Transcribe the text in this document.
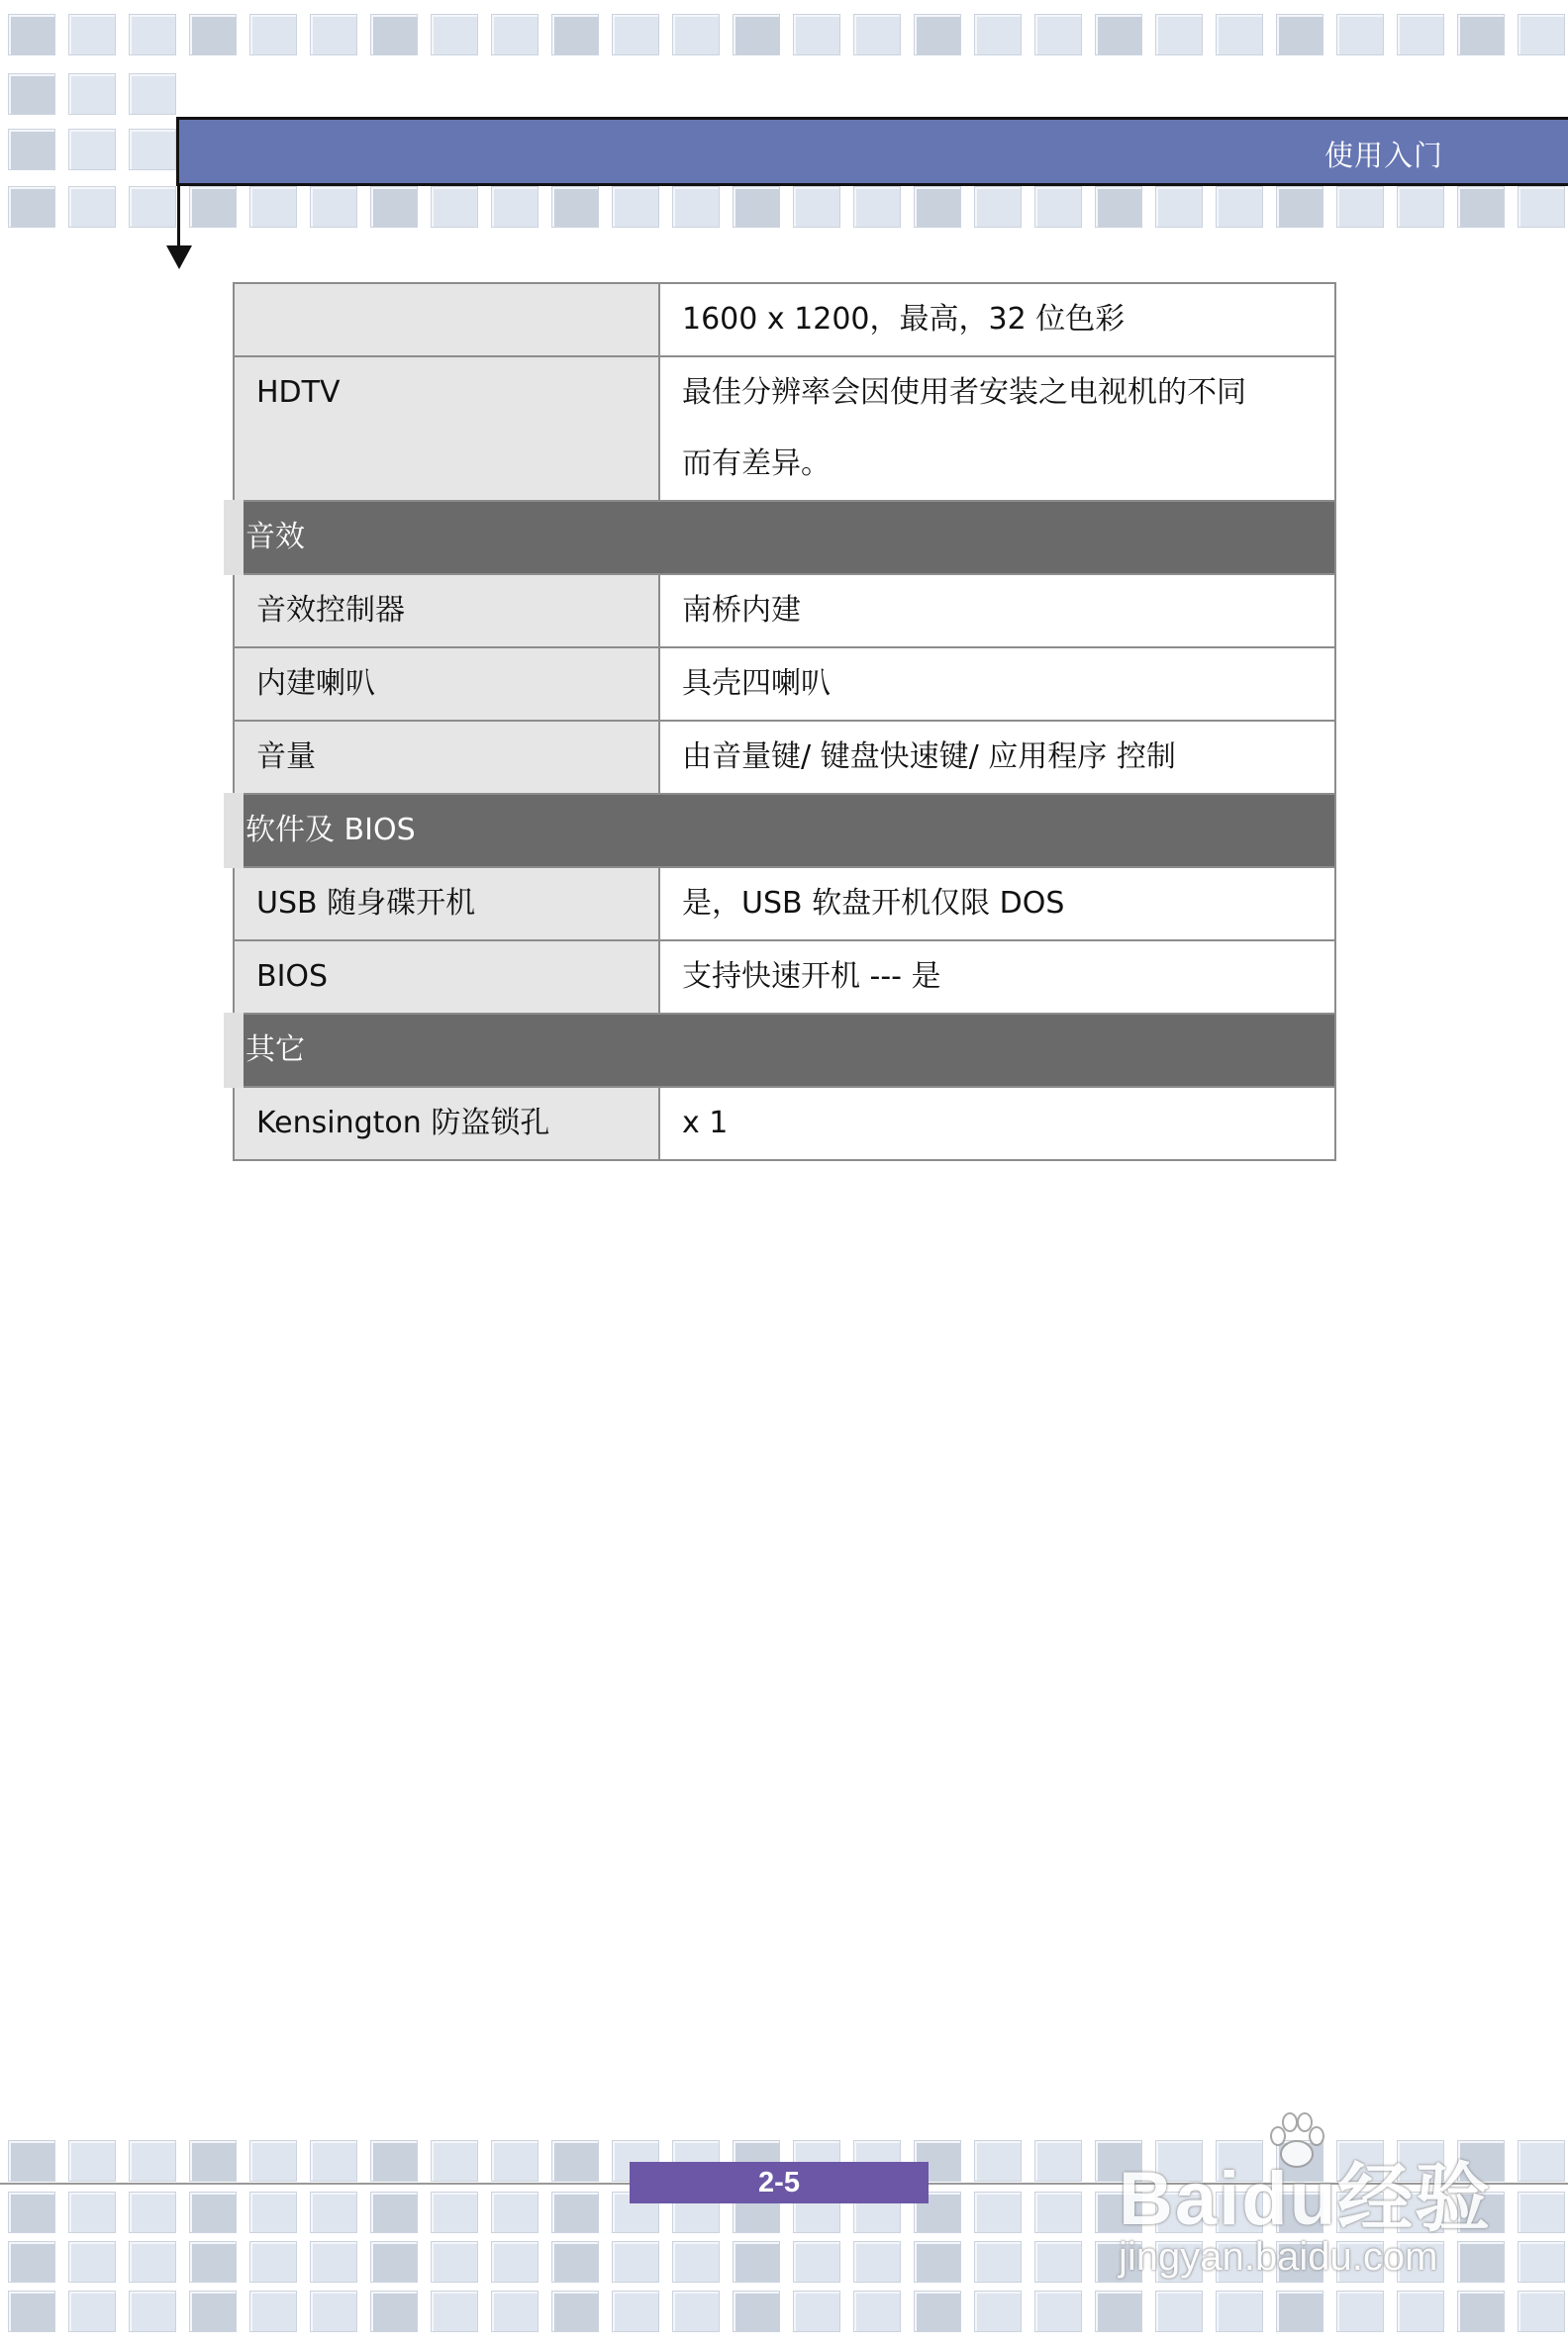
使用入门

	1600 x 1200，最高，32 位色彩

HDTV	最佳分辨率会因使用者安装之电视机的不同
而有差异。

音效	
音效控制器	南桥内建

内建喇叭	具壳四喇叭

音量	由音量键/ 键盘快速键/ 应用程序 控制

软件及 BIOS	
USB 随身碟开机	是，USB 软盘开机仅限 DOS

BIOS	支持快速开机 --- 是

其它	
Kensington 防盗锁孔	x 1
2-5	Baidu经验
jingyan.baidu.com
